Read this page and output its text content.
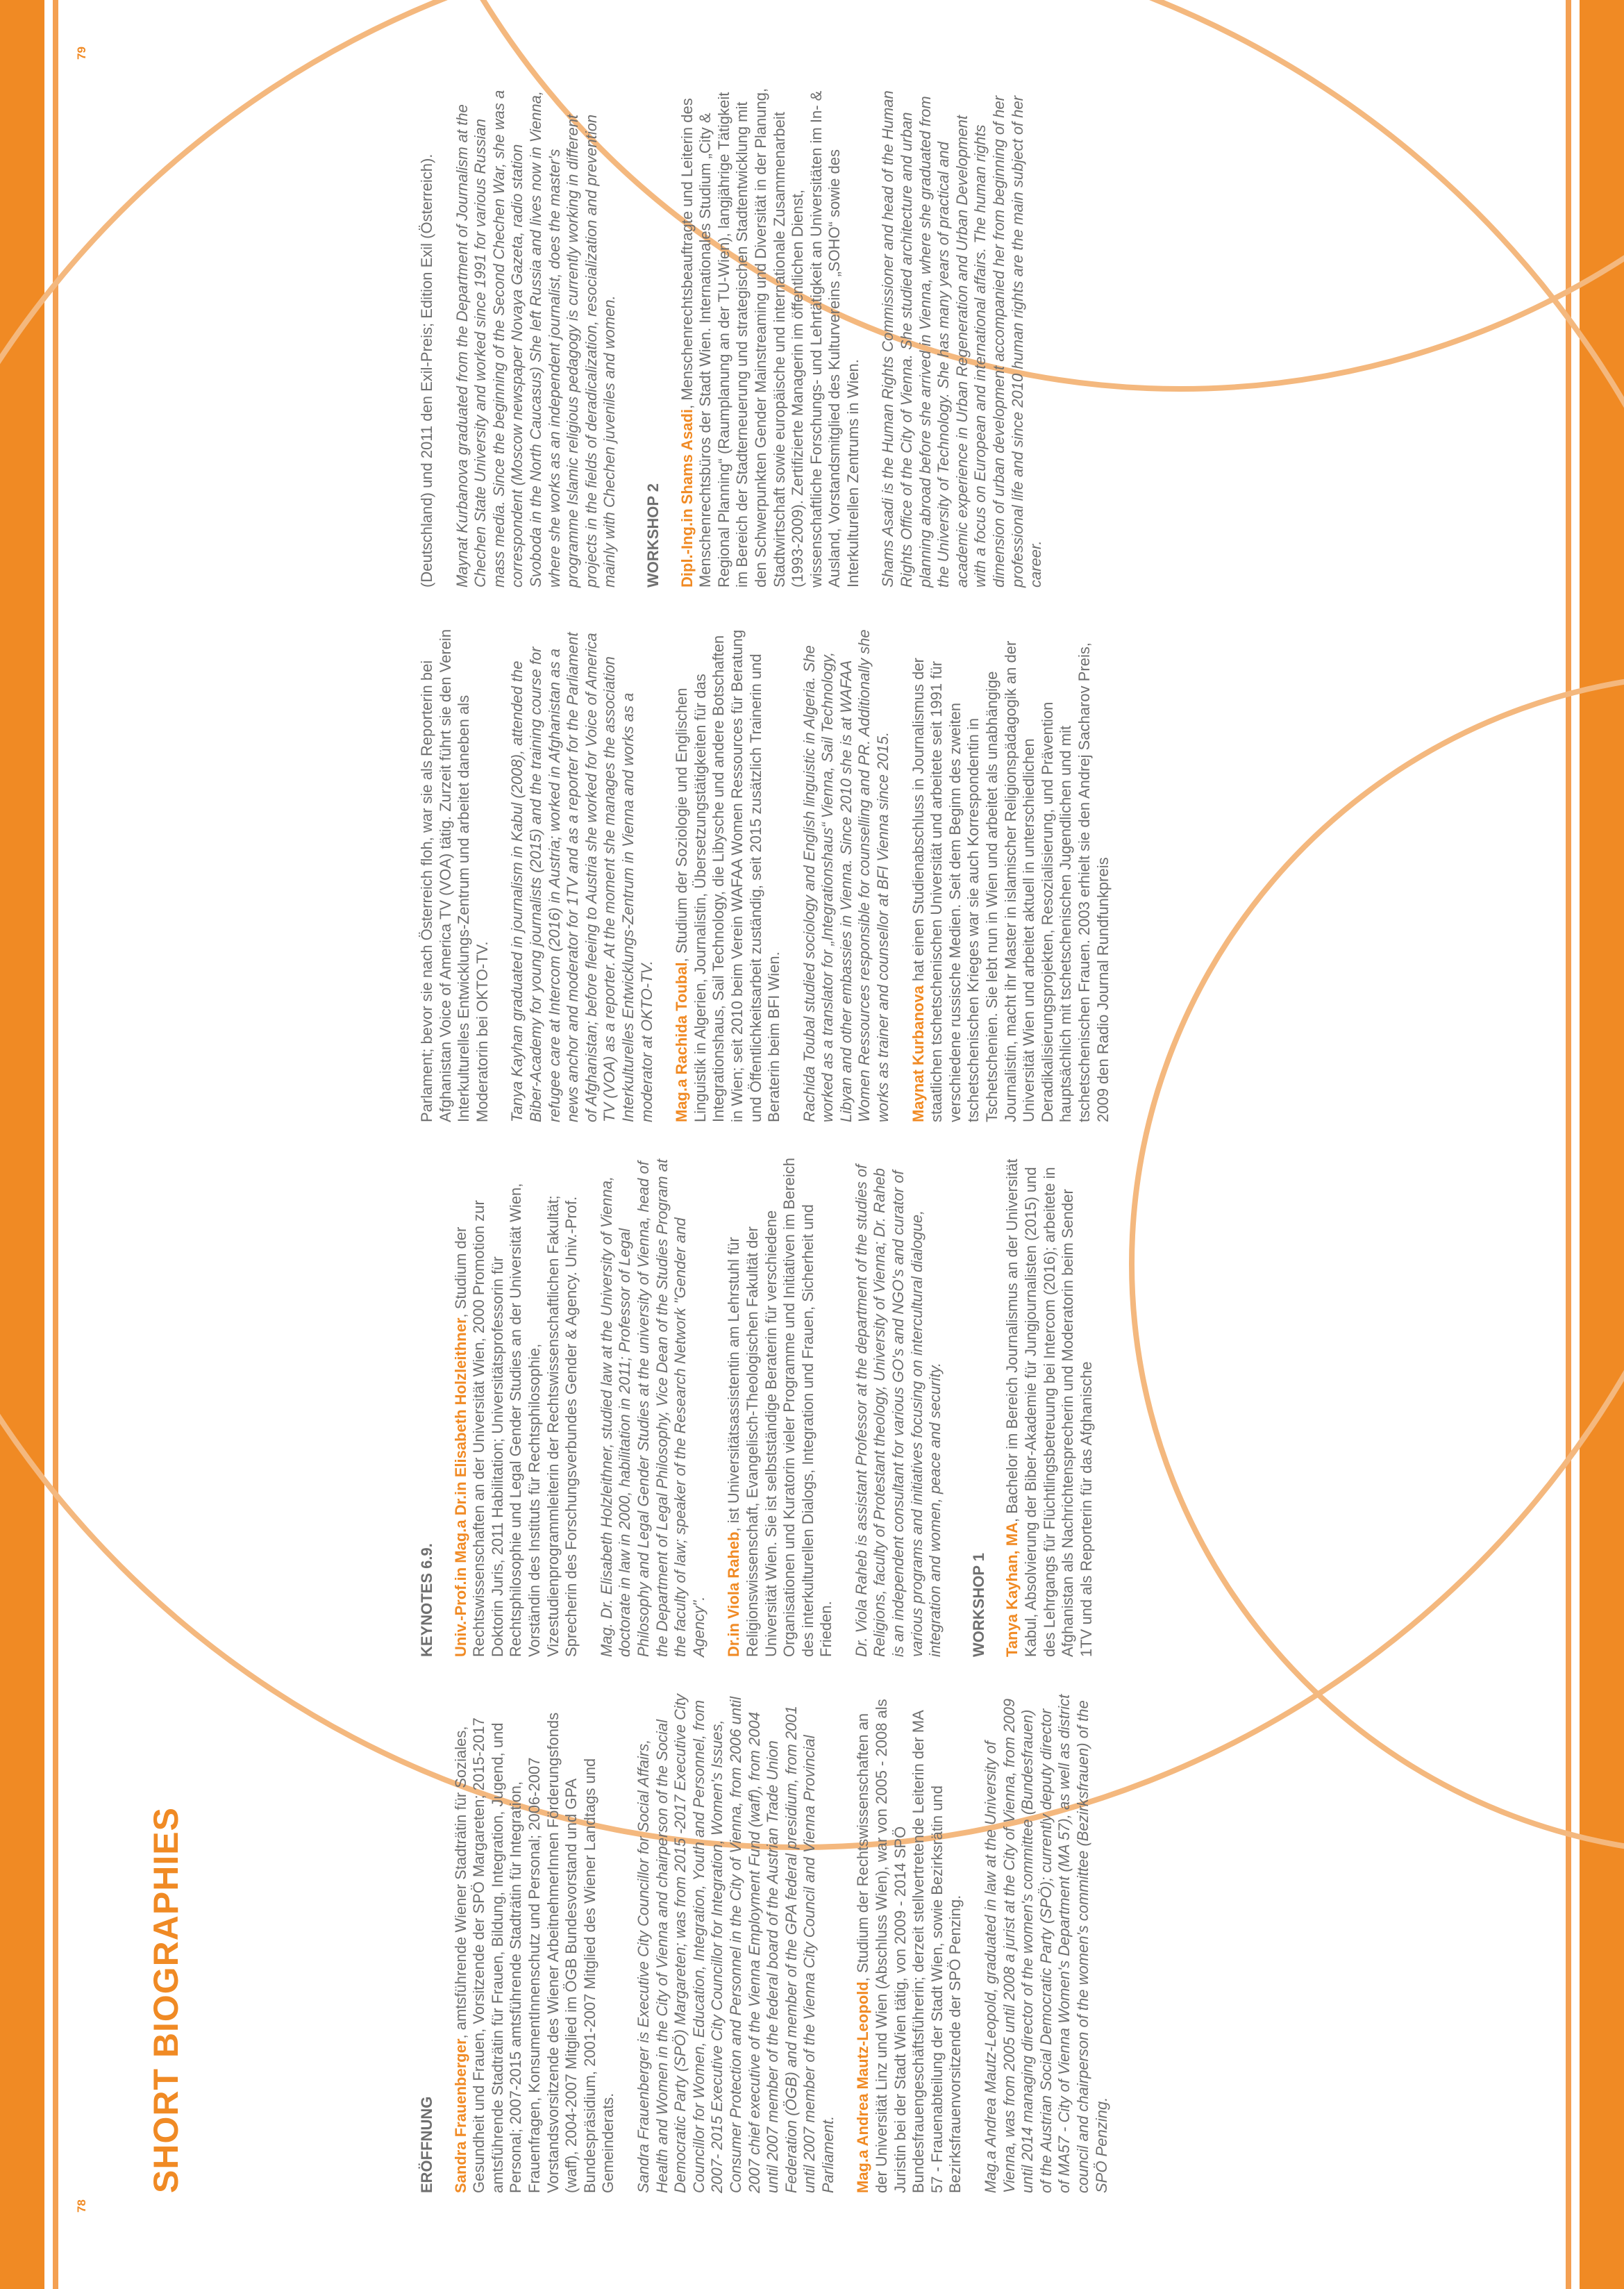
78
79
SHORT BIOGRAPHIES	ERÖFFNUNG Sandra Frauenberger, amtsführende Wiener Stadträtin für Soziales, Gesundheit und Frauen, Vorsitzende der SPÖ Margareten; 2015-2017 amtsführende Stadträtin für Frauen, Bildung, Integration, Jugend, und Personal; 2007-2015 amtsführende Stadträtin für Integration, Frauenfragen, KonsumentInnenschutz und Personal; 2006-2007 Vorstandsvorsitzende des Wiener ArbeitnehmerInnen Förderungsfonds (waff), 2004-2007 Mitglied im ÖGB Bundesvorstand und GPA Bundespräsidium, 2001-2007 Mitglied des Wiener Landtags und Gemeinderats. Sandra Frauenberger is Executive City Councillor for Social Affairs, Health and Women in the City of Vienna and chairperson of the Social Democratic Party (SPÖ) Margareten; was from 2015 -2017 Executive City Councillor for Women, Education, Integration, Youth and Personnel, from 2007- 2015 Executive City Councillor for Integration, Women's Issues, Consumer Protection and Personnel in the City of Vienna, from 2006 until 2007 chief executive of the Vienna Employment Fund (waff), from 2004 until 2007 member of the federal board of the Austrian Trade Union Federation (ÖGB) and member of the GPA federal presidium, from 2001 until 2007 member of the Vienna City Council and Vienna Provincial Parliament. Mag.a Andrea Mautz-Leopold, Studium der Rechtswissenschaften an der Universität Linz und Wien (Abschluss Wien), war von 2005 - 2008 als Juristin bei der Stadt Wien tätig, von 2009 - 2014 SPÖ Bundesfrauengeschäftsführerin; derzeit stellvertretende Leiterin der MA 57 - Frauenabteilung der Stadt Wien, sowie Bezirksrätin und Bezirksfrauenvorsitzende der SPÖ Penzing. Mag.a Andrea Mautz-Leopold, graduated in law at the University of Vienna, was from 2005 until 2008 a jurist at the City of Vienna, from 2009 until 2014 managing director of the women's committee (Bundesfrauen) of the Austrian Social Democratic Party (SPÖ); currently deputy director of MA57 - City of Vienna Women's Department (MA 57), as well as district council and chairperson of the women's committee (Bezirksfrauen) of the SPÖ Penzing.

KEYNOTES 6.9. Univ.-Prof.in Mag.a Dr.in Elisabeth Holzleithner, Studium der Rechtswissenschaften an der Universität Wien, 2000 Promotion zur Doktorin Juris, 2011 Habilitation; Universitätsprofessorin für Rechtsphilosophie und Legal Gender Studies an der Universität Wien, Vorständin des Instituts für Rechtsphilosophie, Vizestudienprogrammleiterin der Rechtswissenschaftlichen Fakultät; Sprecherin des Forschungsverbundes Gender & Agency. Univ.-Prof. Mag. Dr. Elisabeth Holzleithner, studied law at the University of Vienna, doctorate in law in 2000, habilitation in 2011; Professor of Legal Philosophy and Legal Gender Studies at the university of Vienna, head of the Department of Legal Philosophy, Vice Dean of the Studies Program at the faculty of law; speaker of the Research Network "Gender and Agency". Dr.in Viola Raheb, ist Universitätsassistentin am Lehrstuhl für Religionswissenschaft, Evangelisch-Theologischen Fakultät der Universität Wien. Sie ist selbstständige Beraterin für verschiedene Organisationen und Kuratorin vieler Programme und Initiativen im Bereich des interkulturellen Dialogs, Integration und Frauen, Sicherheit und Frieden. Dr. Viola Raheb is assistant Professor at the department of the studies of Religions, faculty of Protestant theology, University of Vienna; Dr. Raheb is an independent consultant for various GO's and NGO's and curator of various programs and initiatives focusing on intercultural dialogue, integration and women, peace and security. WORKSHOP 1 Tanya Kayhan, MA, Bachelor im Bereich Journalismus an der Universität Kabul, Absolvierung der Biber-Akademie für Jungjournalisten (2015) und des Lehrgangs für Flüchtlingsbetreuung bei Intercom (2016); arbeitete in Afghanistan als Nachrichtensprecherin und Moderatorin beim Sender 1TV und als Reporterin für das Afghanische

Parlament; bevor sie nach Österreich floh, war sie als Reporterin bei Afghanistan Voice of America TV (VOA) tätig. Zurzeit führt sie den Verein Interkulturelles Entwicklungs-Zentrum und arbeitet daneben als Moderatorin bei OKTO-TV. Tanya Kayhan graduated in journalism in Kabul (2008), attended the Biber-Academy for young journalists (2015) and the training course for refugee care at Intercom (2016) in Austria; worked in Afghanistan as a news anchor and moderator for 1TV and as a reporter for the Parliament of Afghanistan; before fleeing to Austria she worked for Voice of America TV (VOA) as a reporter. At the moment she manages the association Interkulturelles Entwicklungs-Zentrum in Vienna and works as a moderator at OKTO-TV. Mag.a Rachida Toubal, Studium der Soziologie und Englischen Linguistik in Algerien, Journalistin, Übersetzungstätigkeiten für das Integrationshaus, Sail Technology, die Libysche und andere Botschaften in Wien; seit 2010 beim Verein WAFAA Women Ressources für Beratung und Öffentlichkeitsarbeit zuständig, seit 2015 zusätzlich Trainerin und Beraterin beim BFI Wien. Rachida Toubal studied sociology and English linguistic in Algeria. She worked as a translator for „Integrationshaus“ Vienna, Sail Technology, Libyan and other embassies in Vienna. Since 2010 she is at WAFAA Women Ressources responsible for counselling and PR. Additionally she works as trainer and counsellor at BFI Vienna since 2015. Maynat Kurbanova hat einen Studienabschluss in Journalismus der staatlichen tschetschenischen Universität und arbeitete seit 1991 für verschiedene russische Medien. Seit dem Beginn des zweiten tschetschenischen Krieges war sie auch Korrespondentin in Tschetschenien. Sie lebt nun in Wien und arbeitet als unabhängige Journalistin, macht ihr Master in islamischer Religionspädagogik an der Universität Wien und arbeitet aktuell in unterschiedlichen Deradikalisierungsprojekten, Resozialisierung, und Prävention hauptsächlich mit tschetschenischen Jugendlichen und mit tschetschenischen Frauen. 2003 erhielt sie den Andrej Sacharov Preis, 2009 den Radio Journal Rundfunkpreis

(Deutschland) und 2011 den Exil-Preis; Edition Exil (Österreich). Maynat Kurbanova graduated from the Department of Journalism at the Chechen State University and worked since 1991 for various Russian mass media. Since the beginning of the Second Chechen War, she was a correspondent (Moscow newspaper Novaya Gazeta, radio station Svoboda in the North Caucasus) She left Russia and lives now in Vienna, where she works as an independent journalist, does the master's programme Islamic religious pedagogy is currently working in different projects in the fields of deradicalization, resocialization and prevention mainly with Chechen juveniles and women. WORKSHOP 2 Dipl.-Ing.in Shams Asadi, Menschenrechtsbeauftragte und Leiterin des Menschenrechtsbüros der Stadt Wien. Internationales Studium „City & Regional Planning“ (Raumplanung an der TU-Wien), langjährige Tätigkeit im Bereich der Stadterneuerung und strategischen Stadtentwicklung mit den Schwerpunkten Gender Mainstreaming und Diversität in der Planung, Stadtwirtschaft sowie europäische und internationale Zusammenarbeit (1993-2009). Zertifizierte Managerin im öffentlichen Dienst, wissenschaftliche Forschungs- und Lehrtätigkeit an Universitäten im In- & Ausland, Vorstandsmitglied des Kulturvereins „SOHO“ sowie des Interkulturellen Zentrums in Wien. Shams Asadi is the Human Rights Commissioner and head of the Human Rights Office of the City of Vienna. She studied architecture and urban planning abroad before she arrived in Vienna, where she graduated from the University of Technology. She has many years of practical and academic experience in Urban Regeneration and Urban Development with a focus on European and international affairs. The human rights dimension of urban development accompanied her from beginning of her professional life and since 2010 human rights are the main subject of her career.
